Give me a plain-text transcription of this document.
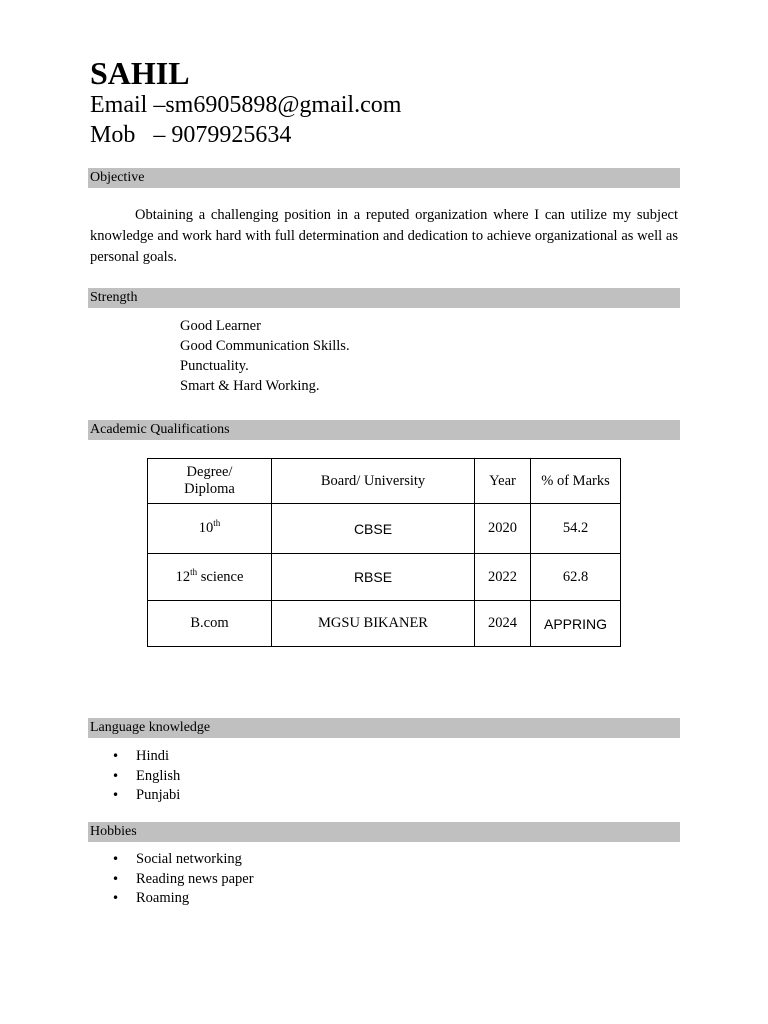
SAHIL
Email –sm6905898@gmail.com
Mob   – 9079925634
Objective

Obtaining a challenging position in a reputed organization where I can utilize my subject knowledge and work hard with full determination and dedication to achieve organizational as well as personal goals.

Strength
Good Learner
Good Communication Skills.
Punctuality.
Smart & Hard Working.
Academic Qualifications
Degree/
Diploma	Board/ University	Year	% of Marks
10th	CBSE	2020	54.2
12th science	RBSE	2022	62.8
B.com	MGSU BIKANER	2024	APPRING
Language knowledge
• Hindi
• English
• Punjabi
Hobbies
• Social networking
• Reading news paper
• Roaming
